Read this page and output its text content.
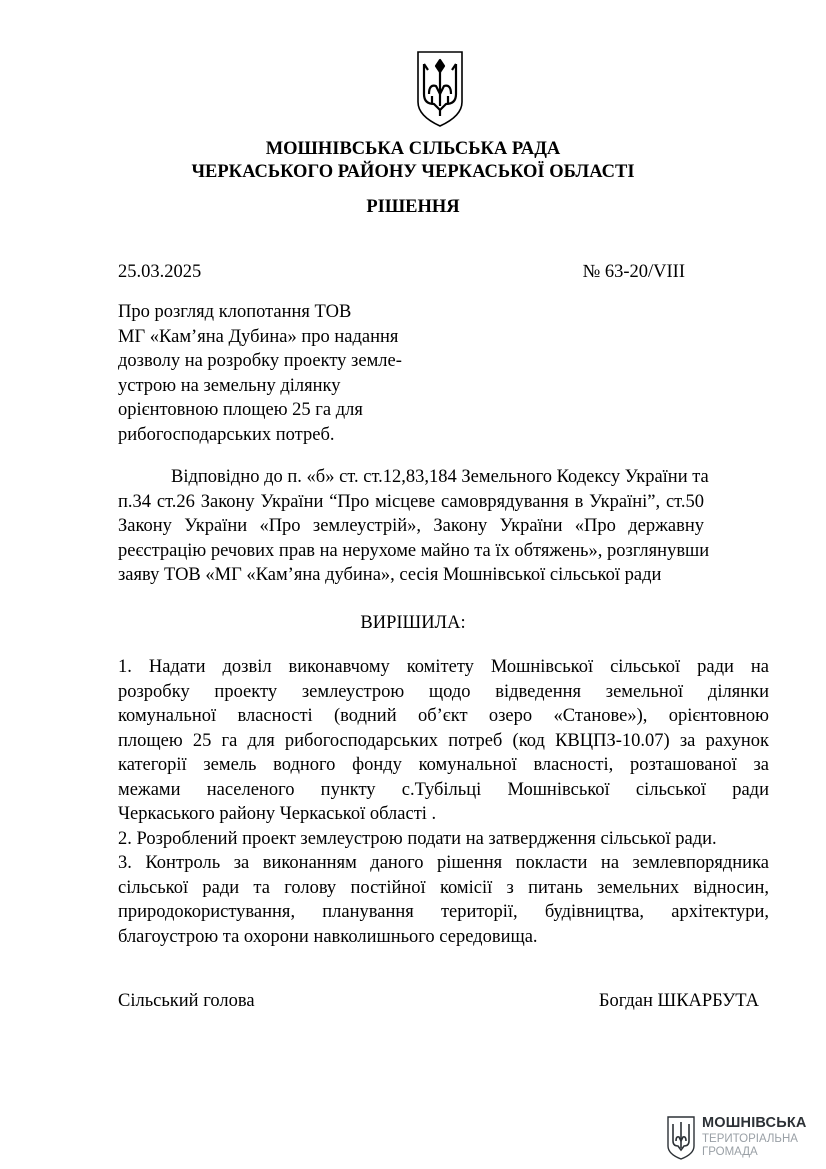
МОШНІВСЬКА СІЛЬСЬКА РАДА
ЧЕРКАСЬКОГО РАЙОНУ ЧЕРКАСЬКОЇ ОБЛАСТІ
РІШЕННЯ
25.03.2025	№ 63-20/VIII
Про розгляд клопотання ТОВ
МГ «Кам’яна Дубина» про надання
дозволу на розробку проекту земле-
устрою на земельну ділянку
орієнтовною площею 25 га для
рибогосподарських потреб.
Відповідно до п. «б» ст. ст.12,83,184 Земельного Кодексу України та
п.34 ст.26 Закону України “Про місцеве самоврядування в Україні”, ст.50
Закону України «Про землеустрій», Закону України «Про державну
реєстрацію речових прав на нерухоме майно та їх обтяжень», розглянувши
заяву ТОВ «МГ «Кам’яна дубина», сесія Мошнівської сільської ради
ВИРІШИЛА:
1. Надати дозвіл виконавчому комітету Мошнівської сільської ради на
розробку проекту землеустрою щодо відведення земельної ділянки
комунальної власності (водний об’єкт озеро «Станове»), орієнтовною
площею 25 га для рибогосподарських потреб (код КВЦПЗ-10.07) за рахунок
категорії земель водного фонду комунальної власності, розташованої за
межами населеного пункту с.Тубільці Мошнівської сільської ради
Черкаського району Черкаської області .
2. Розроблений проект землеустрою подати на затвердження сільської ради.
3. Контроль за виконанням даного рішення покласти на землевпорядника
сільської ради та голову постійної комісії з питань земельних відносин,
природокористування, планування території, будівництва, архітектури,
благоустрою та охорони навколишнього середовища.
Сільський голова	Богдан ШКАРБУТА
МОШНІВСЬКА
ТЕРИТОРІАЛЬНА
ГРОМАДА
